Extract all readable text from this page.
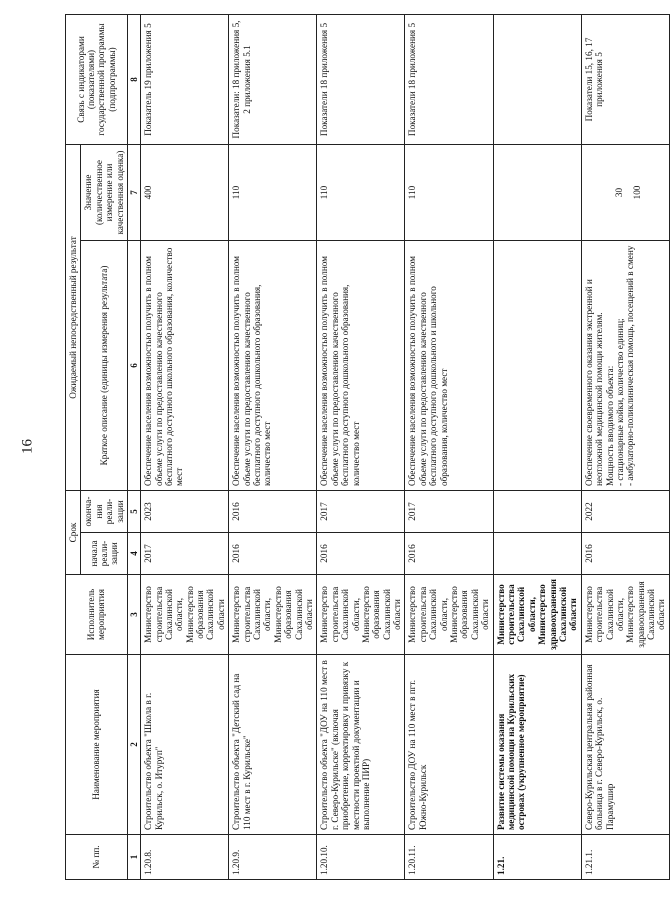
16
№ пп.	Наименование мероприятия	Исполнитель мероприятия	Срок		Ожидаемый непосредственный результат		Связь с индикаторами (показателями) государственной программы (подпрограммы)
			начала реали-зации	оконча-ния реали-зации	Краткое описание (единицы измерения результата)	Значение (количественное измерение или качественная оценка)	
1	2	3	4	5	6	7	8
1.20.8.	Строительство объекта "Школа в г. Курильск, о. Итуруп"	Министерство строительства Сахалинской области, Министерство образования Сахалинской области	2017	2023	Обеспечение населения возможностью получить в полном объеме услуги по предоставлению качественного бесплатного доступного школьного образования, количество мест	400	Показатель 19 приложения 5
1.20.9.	Строительство объекта "Детский сад на 110 мест в г. Курильске"	Министерство строительства Сахалинской области, Министерство образования Сахалинской области	2016	2016	Обеспечение населения возможностью получить в полном объеме услуги по предоставлению качественного бесплатного доступного дошкольного образования, количество мест	110	Показатели: 18 приложения 5, 2 приложения 5.1
1.20.10.	Строительство объекта "ДОУ на 110 мест в г. Северо-Курильске" (включая приобретение, корректировку и привязку к местности проектной документации и выполнение ПИР)	Министерство строительства Сахалинской области, Министерство образования Сахалинской области	2016	2017	Обеспечение населения возможностью получить в полном объеме услуги по предоставлению качественного бесплатного доступного дошкольного образования, количество мест	110	Показатели 18 приложения 5
1.20.11.	Строительство ДОУ на 110 мест в пгт. Южно-Курильск	Министерство строительства Сахалинской области, Министерство образования Сахалинской области	2016	2017	Обеспечение населения возможностью получить в полном объеме услуги по предоставлению качественного бесплатного доступного дошкольного и школьного образования, количество мест	110	Показатели 18 приложения 5
1.21.	Развитие системы оказания медицинской помощи на Курильских островах (укрупненное мероприятие)	Министерство строительства Сахалинской области, Министерство здравоохранения Сахалинской области					
1.21.1.	Северо-Курильская центральная районная больница в г. Северо-Курильск, о. Парамушир	Министерство строительства Сахалинской области, Министерство здравоохранения Сахалинской области	2016	2022	Обеспечение своевременного оказания экстренной и неотложной медицинской помощи жителям. Мощность вводимого объекта: - стационарные койки, количество единиц; - амбулаторно-поликлиническая помощь, посещений в смену	30 100	Показатели 15, 16, 17 приложения 5
